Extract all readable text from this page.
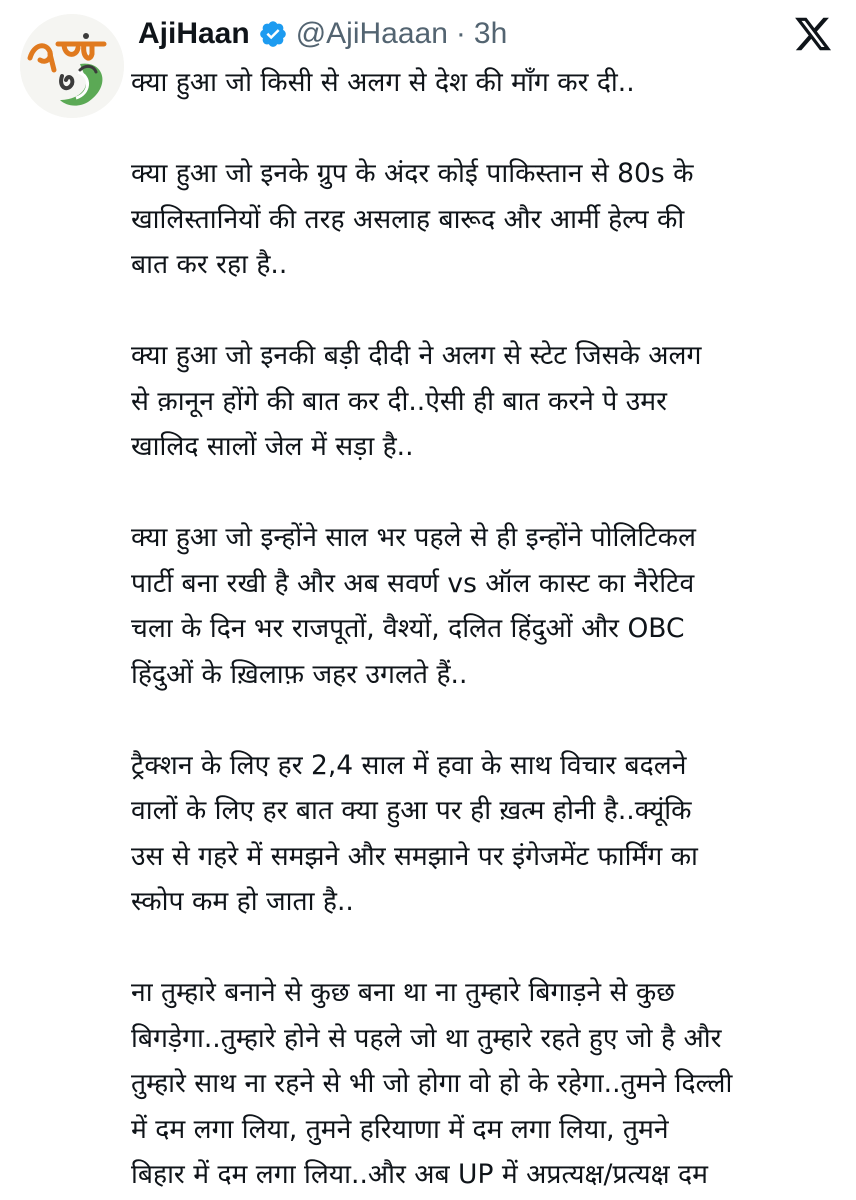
AjiHaan @AjiHaaan · 3h
क्या हुआ जो किसी से अलग से देश की माँग कर दी..
क्या हुआ जो इनके ग्रुप के अंदर कोई पाकिस्तान से 80s के
खालिस्तानियों की तरह असलाह बारूद और आर्मी हेल्प की
बात कर रहा है..
क्या हुआ जो इनकी बड़ी दीदी ने अलग से स्टेट जिसके अलग
से क़ानून होंगे की बात कर दी..ऐसी ही बात करने पे उमर
खालिद सालों जेल में सड़ा है..
क्या हुआ जो इन्होंने साल भर पहले से ही इन्होंने पोलिटिकल
पार्टी बना रखी है और अब सवर्ण vs ऑल कास्ट का नैरेटिव
चला के दिन भर राजपूतों, वैश्यों, दलित हिंदुओं और OBC
हिंदुओं के ख़िलाफ़ जहर उगलते हैं..
ट्रैक्शन के लिए हर 2,4 साल में हवा के साथ विचार बदलने
वालों के लिए हर बात क्या हुआ पर ही ख़त्म होनी है..क्यूंकि
उस से गहरे में समझने और समझाने पर इंगेजमेंट फार्मिंग का
स्कोप कम हो जाता है..
ना तुम्हारे बनाने से कुछ बना था ना तुम्हारे बिगाड़ने से कुछ
बिगड़ेगा..तुम्हारे होने से पहले जो था तुम्हारे रहते हुए जो है और
तुम्हारे साथ ना रहने से भी जो होगा वो हो के रहेगा..तुमने दिल्ली
में दम लगा लिया, तुमने हरियाणा में दम लगा लिया, तुमने
बिहार में दम लगा लिया..और अब UP में अप्रत्यक्ष/प्रत्यक्ष दम
